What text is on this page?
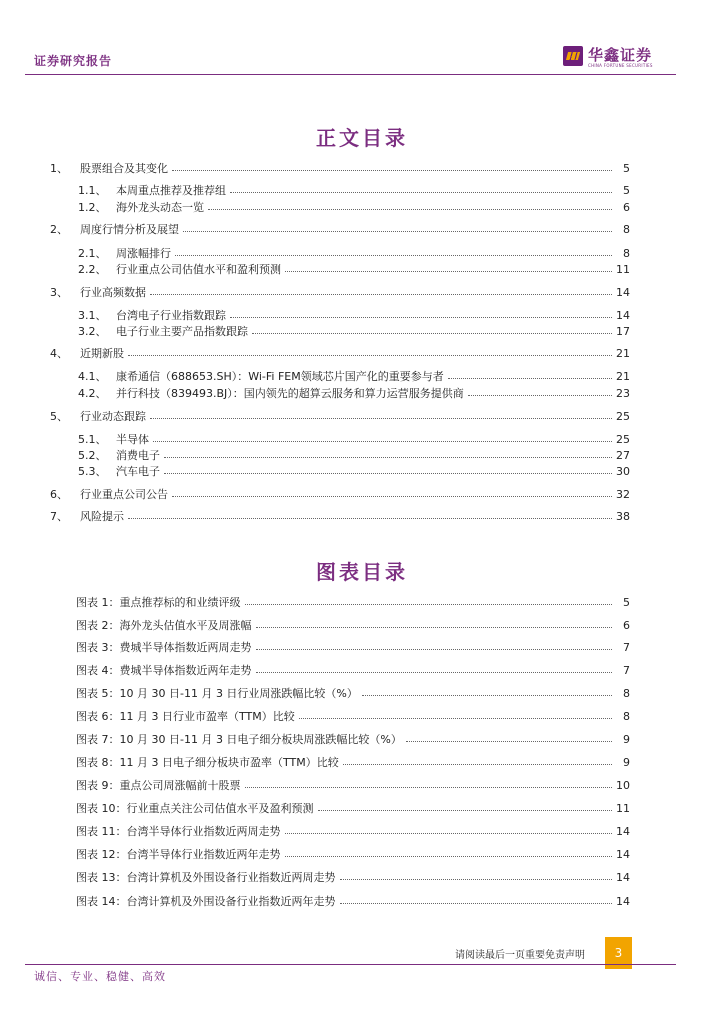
证券研究报告	华鑫证券
CHINA FORTUNE SECURITIES
正文目录
1、	股票组合及其变化	5
1.1、 本周重点推荐及推荐组	5
1.2、 海外龙头动态一览	6
2、	周度行情分析及展望	8
2.1、 周涨幅排行	8
2.2、 行业重点公司估值水平和盈利预测	11
3、	行业高频数据	14
3.1、 台湾电子行业指数跟踪	14
3.2、 电子行业主要产品指数跟踪	17
4、	近期新股	21
4.1、 康希通信（688653.SH）：Wi-Fi FEM领域芯片国产化的重要参与者	21
4.2、 并行科技（839493.BJ）：国内领先的超算云服务和算力运营服务提供商	23
5、	行业动态跟踪	25
5.1、 半导体	25
5.2、 消费电子	27
5.3、 汽车电子	30
6、	行业重点公司公告	32
7、	风险提示	38
图表目录
图表 1：重点推荐标的和业绩评级	5
图表 2：海外龙头估值水平及周涨幅	6
图表 3：费城半导体指数近两周走势	7
图表 4：费城半导体指数近两年走势	7
图表 5：10 月 30 日-11 月 3 日行业周涨跌幅比较（%）	8
图表 6：11 月 3 日行业市盈率（TTM）比较	8
图表 7：10 月 30 日-11 月 3 日电子细分板块周涨跌幅比较（%）	9
图表 8：11 月 3 日电子细分板块市盈率（TTM）比较	9
图表 9：重点公司周涨幅前十股票	10
图表 10：行业重点关注公司估值水平及盈利预测	11
图表 11：台湾半导体行业指数近两周走势	14
图表 12：台湾半导体行业指数近两年走势	14
图表 13：台湾计算机及外围设备行业指数近两周走势	14
图表 14：台湾计算机及外围设备行业指数近两年走势	14
请阅读最后一页重要免责声明	3
诚信、专业、稳健、高效
